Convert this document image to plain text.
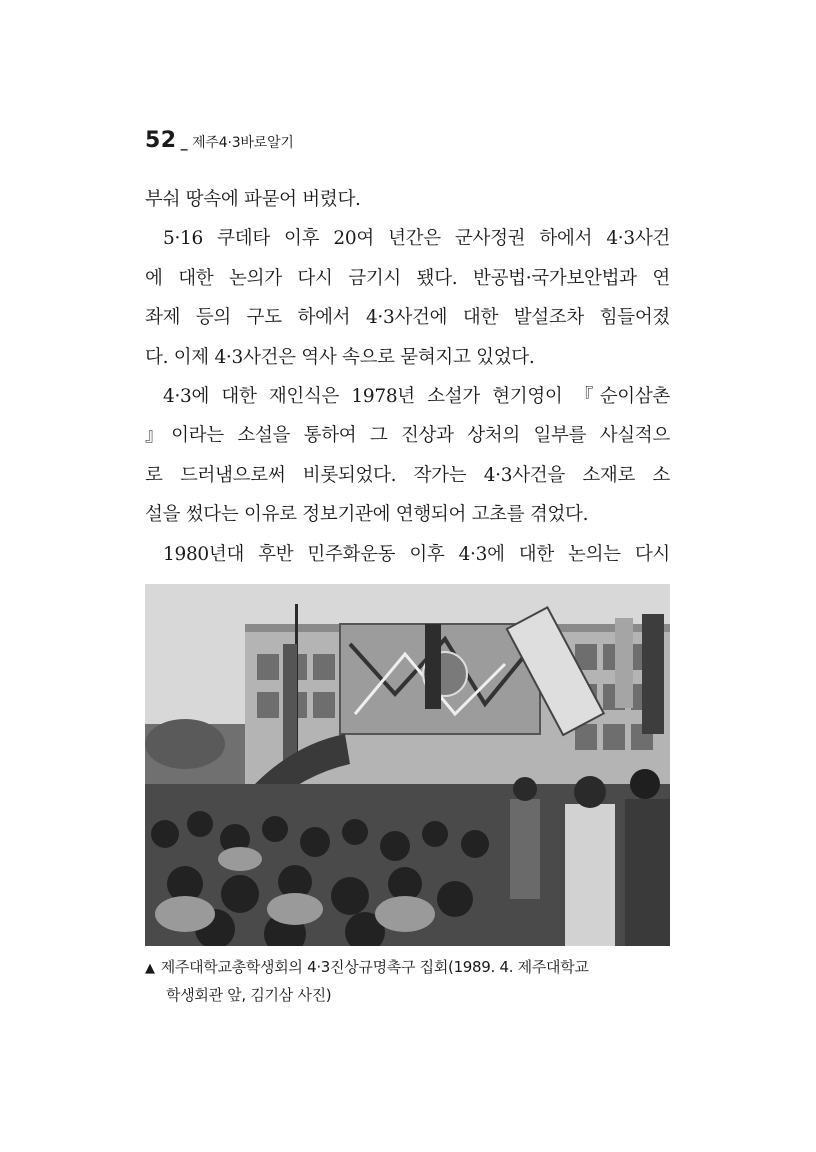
52
_	제주4·3바로알기
부숴 땅속에 파묻어 버렸다.
5·16 쿠데타 이후 20여 년간은 군사정권 하에서 4·3사건
에 대한 논의가 다시 금기시 됐다. 반공법·국가보안법과 연
좌제 등의 구도 하에서 4·3사건에 대한 발설조차 힘들어졌
다. 이제 4·3사건은 역사 속으로 묻혀지고 있었다.
4·3에 대한 재인식은 1978년 소설가 현기영이 『순이삼촌
』이라는 소설을 통하여 그 진상과 상처의 일부를 사실적으
로 드러냄으로써 비롯되었다. 작가는 4·3사건을 소재로 소
설을 썼다는 이유로 정보기관에 연행되어 고초를 겪었다.
1980년대 후반 민주화운동 이후 4·3에 대한 논의는 다시
▲ 제주대학교총학생회의 4·3진상규명촉구 집회(1989. 4. 제주대학교
학생회관 앞, 김기삼 사진)
